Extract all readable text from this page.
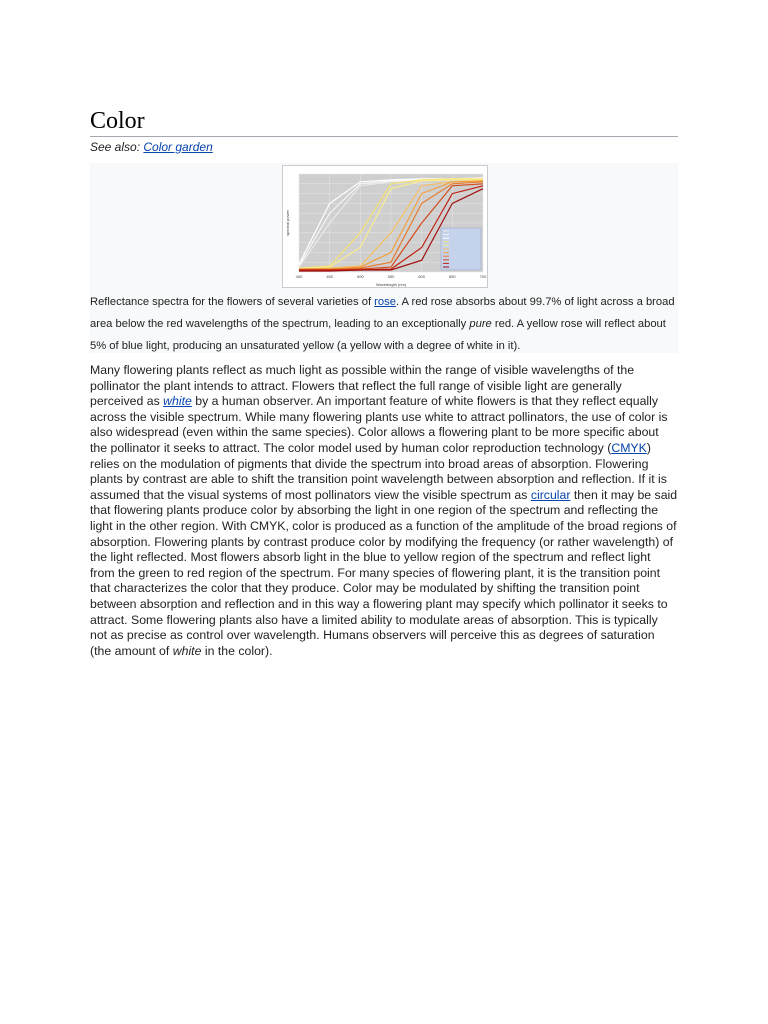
Color
See also: Color garden
400	450	500	550	600	650	700
Wavelength (nm)
spectral power
Reflectance spectra for the flowers of several varieties of rose. A red rose absorbs about 99.7% of light across a broad area below the red wavelengths of the spectrum, leading to an exceptionally pure red. A yellow rose will reflect about 5% of blue light, producing an unsaturated yellow (a yellow with a degree of white in it).
Many flowering plants reflect as much light as possible within the range of visible wavelengths of the pollinator the plant intends to attract. Flowers that reflect the full range of visible light are generally perceived as white by a human observer. An important feature of white flowers is that they reflect equally across the visible spectrum. While many flowering plants use white to attract pollinators, the use of color is also widespread (even within the same species). Color allows a flowering plant to be more specific about the pollinator it seeks to attract. The color model used by human color reproduction technology (CMYK) relies on the modulation of pigments that divide the spectrum into broad areas of absorption. Flowering plants by contrast are able to shift the transition point wavelength between absorption and reflection. If it is assumed that the visual systems of most pollinators view the visible spectrum as circular then it may be said that flowering plants produce color by absorbing the light in one region of the spectrum and reflecting the light in the other region. With CMYK, color is produced as a function of the amplitude of the broad regions of absorption. Flowering plants by contrast produce color by modifying the frequency (or rather wavelength) of the light reflected. Most flowers absorb light in the blue to yellow region of the spectrum and reflect light from the green to red region of the spectrum. For many species of flowering plant, it is the transition point that characterizes the color that they produce. Color may be modulated by shifting the transition point between absorption and reflection and in this way a flowering plant may specify which pollinator it seeks to attract. Some flowering plants also have a limited ability to modulate areas of absorption. This is typically not as precise as control over wavelength. Humans observers will perceive this as degrees of saturation (the amount of white in the color).
